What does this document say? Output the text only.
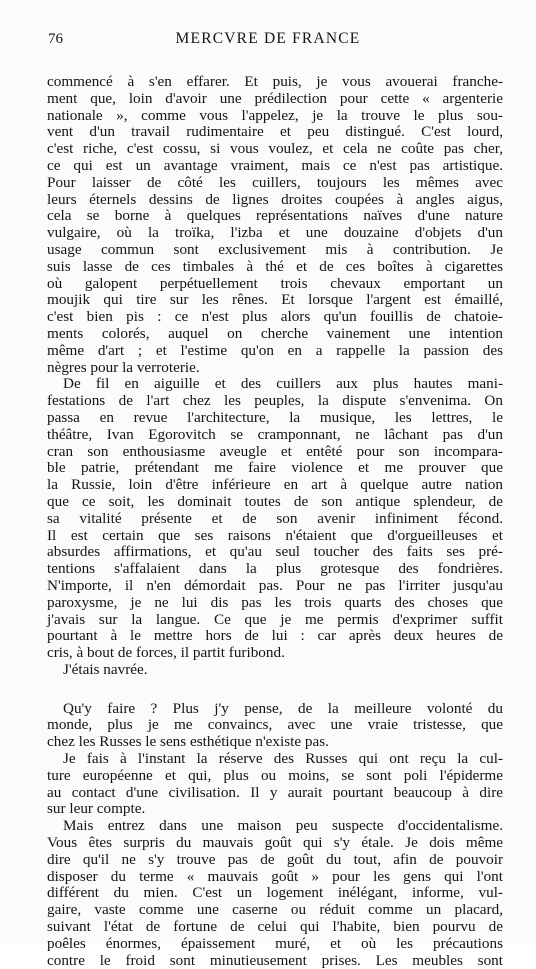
76	MERCVRE DE FRANCE
commencé à s'en effarer. Et puis, je vous avouerai franche-
ment que, loin d'avoir une prédilection pour cette « argenterie
nationale », comme vous l'appelez, je la trouve le plus sou-
vent d'un travail rudimentaire et peu distingué. C'est lourd,
c'est riche, c'est cossu, si vous voulez, et cela ne coûte pas cher,
ce qui est un avantage vraiment, mais ce n'est pas artistique.
Pour laisser de côté les cuillers, toujours les mêmes avec
leurs éternels dessins de lignes droites coupées à angles aigus,
cela se borne à quelques représentations naïves d'une nature
vulgaire, où la troïka, l'izba et une douzaine d'objets d'un
usage commun sont exclusivement mis à contribution. Je
suis lasse de ces timbales à thé et de ces boîtes à cigarettes
où galopent perpétuellement trois chevaux emportant un
moujik qui tire sur les rênes. Et lorsque l'argent est émaillé,
c'est bien pis : ce n'est plus alors qu'un fouillis de chatoie-
ments colorés, auquel on cherche vainement une intention
même d'art ; et l'estime qu'on en a rappelle la passion des
nègres pour la verroterie.
De fil en aiguille et des cuillers aux plus hautes mani-
festations de l'art chez les peuples, la dispute s'envenima. On
passa en revue l'architecture, la musique, les lettres, le
théâtre, Ivan Egorovitch se cramponnant, ne lâchant pas d'un
cran son enthousiasme aveugle et entêté pour son incompara-
ble patrie, prétendant me faire violence et me prouver que
la Russie, loin d'être inférieure en art à quelque autre nation
que ce soit, les dominait toutes de son antique splendeur, de
sa vitalité présente et de son avenir infiniment fécond.
Il est certain que ses raisons n'étaient que d'orgueilleuses et
absurdes affirmations, et qu'au seul toucher des faits ses pré-
tentions s'affalaient dans la plus grotesque des fondrières.
N'importe, il n'en démordait pas. Pour ne pas l'irriter jusqu'au
paroxysme, je ne lui dis pas les trois quarts des choses que
j'avais sur la langue. Ce que je me permis d'exprimer suffit
pourtant à le mettre hors de lui : car après deux heures de
cris, à bout de forces, il partit furibond.
J'étais navrée.
Qu'y faire ? Plus j'y pense, de la meilleure volonté du
monde, plus je me convaincs, avec une vraie tristesse, que
chez les Russes le sens esthétique n'existe pas.
Je fais à l'instant la réserve des Russes qui ont reçu la cul-
ture européenne et qui, plus ou moins, se sont poli l'épiderme
au contact d'une civilisation. Il y aurait pourtant beaucoup à dire
sur leur compte.
Mais entrez dans une maison peu suspecte d'occidentalisme.
Vous êtes surpris du mauvais goût qui s'y étale. Je dois même
dire qu'il ne s'y trouve pas de goût du tout, afin de pouvoir
disposer du terme « mauvais goût » pour les gens qui l'ont
différent du mien. C'est un logement inélégant, informe, vul-
gaire, vaste comme une caserne ou réduit comme un placard,
suivant l'état de fortune de celui qui l'habite, bien pourvu de
poêles énormes, épaissement muré, et où les précautions
contre le froid sont minutieusement prises. Les meubles sont
